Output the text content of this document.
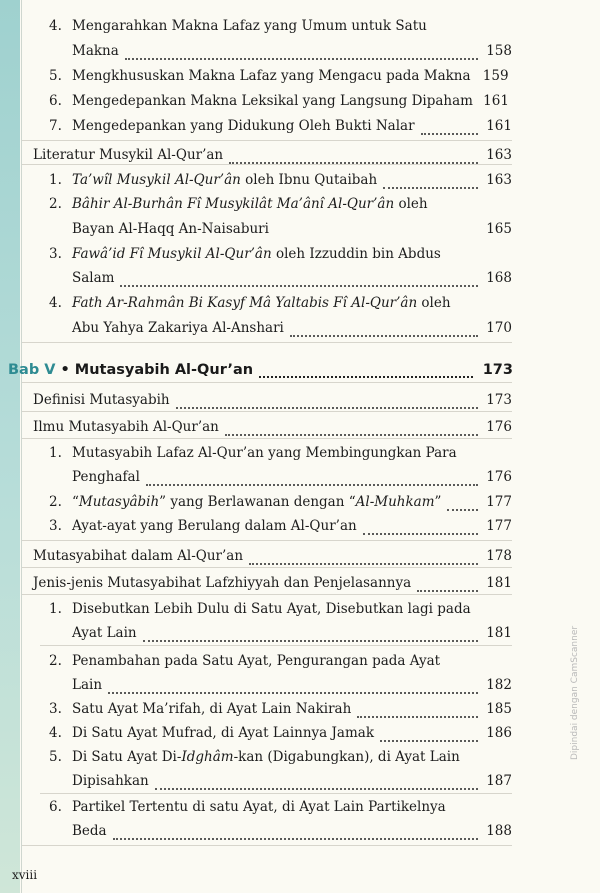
4. Mengarahkan Makna Lafaz yang Umum untuk Satu
Makna	158
5. Mengkhususkan Makna Lafaz yang Mengacu pada Makna 159
6. Mengedepankan Makna Leksikal yang Langsung Dipaham 161
7. Mengedepankan yang Didukung Oleh Bukti Nalar	161
Literatur Musykil Al-Qur’an	163
1. Ta’wîl Musykil Al-Qur’ân oleh Ibnu Qutaibah	163
2. Bâhir Al-Burhân Fî Musykilât Ma’ânî Al-Qur’ân oleh
Bayan Al-Haqq An-Naisaburi	165
3. Fawâ’id Fî Musykil Al-Qur’ân oleh Izzuddin bin Abdus
Salam	168
4. Fath Ar-Rahmân Bi Kasyf Mâ Yaltabis Fî Al-Qur’ân oleh
Abu Yahya Zakariya Al-Anshari	170
Bab V • Mutasyabih Al-Qur’an	173
Definisi Mutasyabih	173
Ilmu Mutasyabih Al-Qur’an	176
1. Mutasyabih Lafaz Al-Qur’an yang Membingungkan Para
Penghafal	176
2. “Mutasyâbih” yang Berlawanan dengan “Al-Muhkam”	177
3. Ayat-ayat yang Berulang dalam Al-Qur’an	177
Mutasyabihat dalam Al-Qur’an	178
Jenis-jenis Mutasyabihat Lafzhiyyah dan Penjelasannya	181
1. Disebutkan Lebih Dulu di Satu Ayat, Disebutkan lagi pada
Ayat Lain	181
2. Penambahan pada Satu Ayat, Pengurangan pada Ayat
Lain	182
3. Satu Ayat Ma’rifah, di Ayat Lain Nakirah	185
4. Di Satu Ayat Mufrad, di Ayat Lainnya Jamak	186
5. Di Satu Ayat Di-Idghâm-kan (Digabungkan), di Ayat Lain
Dipisahkan	187
6. Partikel Tertentu di satu Ayat, di Ayat Lain Partikelnya
Beda	188
xviii
Dipindai dengan CamScanner
